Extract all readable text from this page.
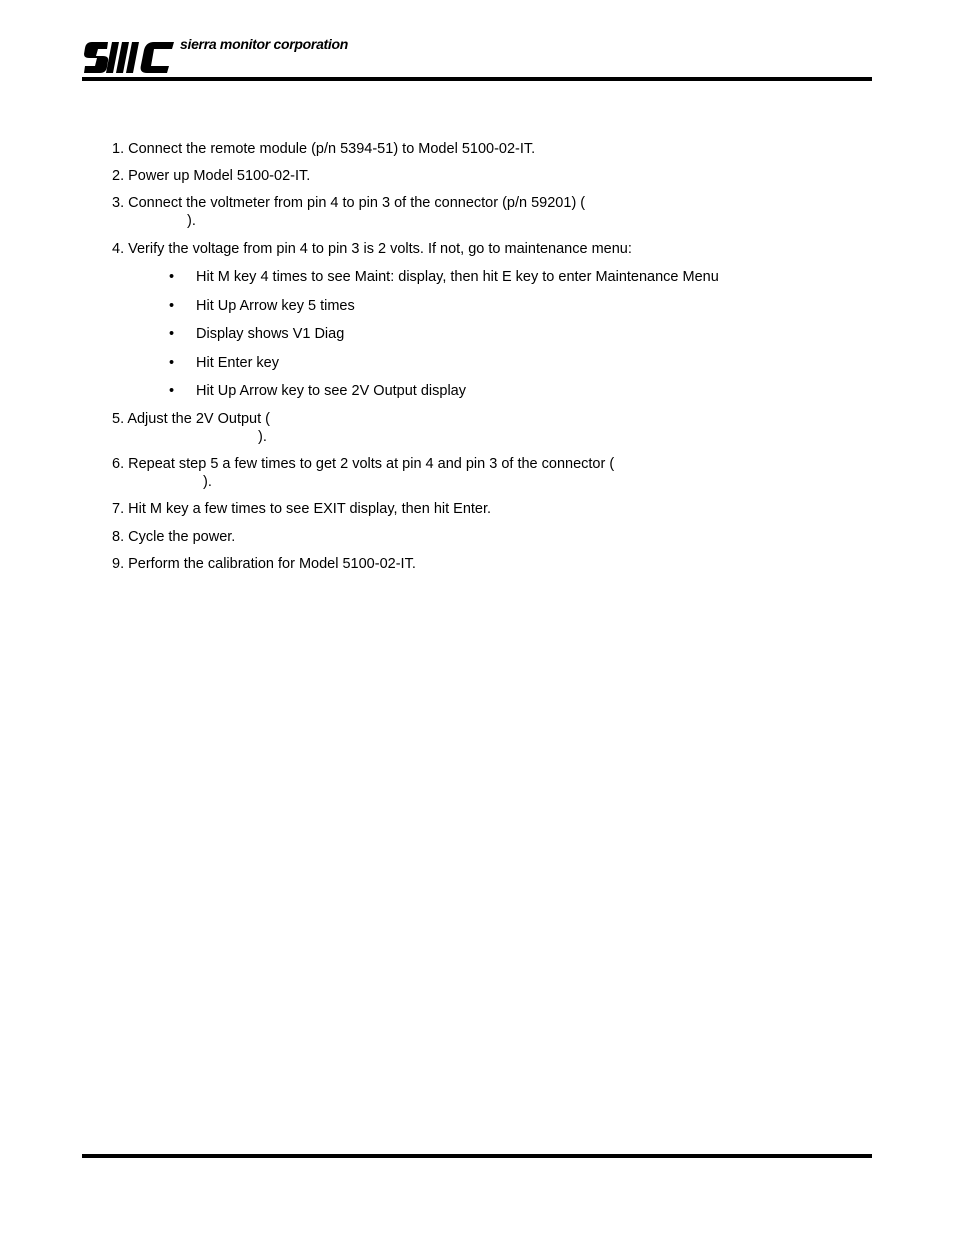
sierra monitor corporation
1. Connect the remote module (p/n 5394-51) to Model 5100-02-IT.
2. Power up Model 5100-02-IT.
3. Connect the voltmeter from pin 4 to pin 3 of the connector (p/n 59201) (
).
4. Verify the voltage from pin 4 to pin 3 is 2 volts. If not, go to maintenance menu:
• Hit M key 4 times to see Maint: display, then hit E key to enter Maintenance Menu
• Hit Up Arrow key 5 times
• Display shows V1 Diag
• Hit Enter key
• Hit Up Arrow key to see 2V Output display
5. Adjust the 2V Output (
).
6. Repeat step 5 a few times to get 2 volts at pin 4 and pin 3 of the connector (
).
7. Hit M key a few times to see EXIT display, then hit Enter.
8. Cycle the power.
9. Perform the calibration for Model 5100-02-IT.
